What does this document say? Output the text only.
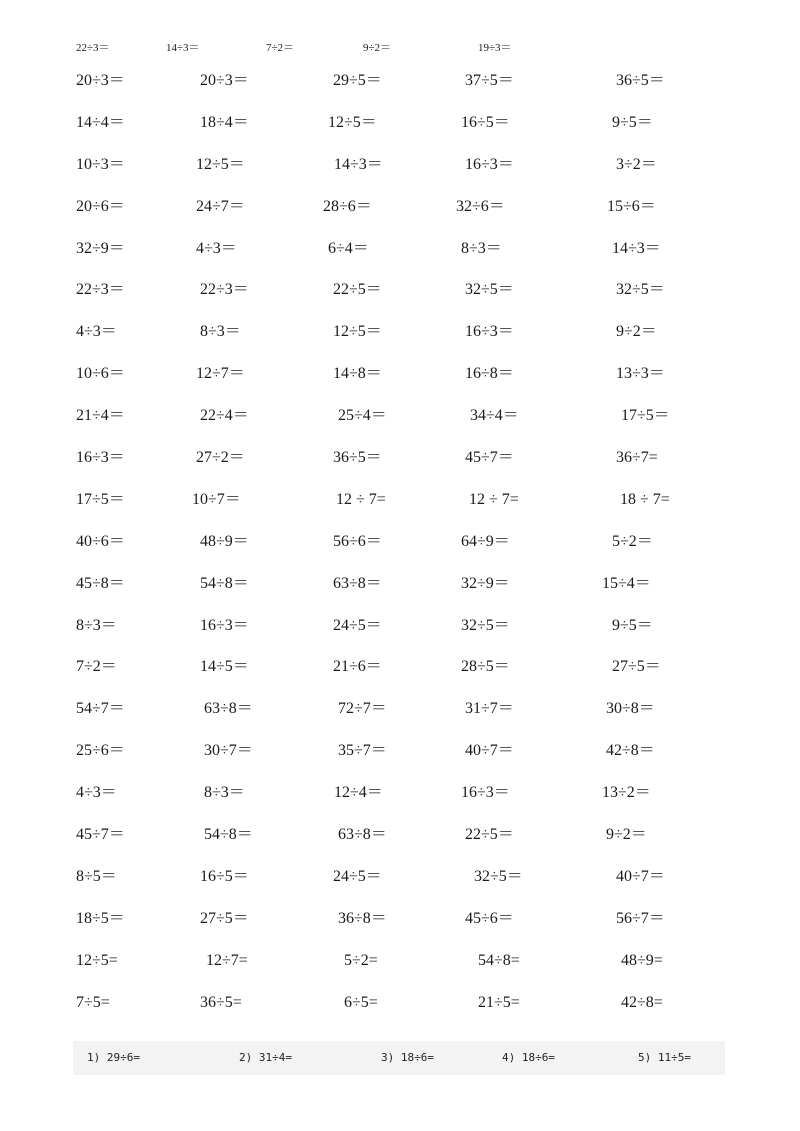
22÷3＝	14÷3＝	7÷2＝	9÷2＝	19÷3＝
20÷3＝	20÷3＝	29÷5＝	37÷5＝	36÷5＝
14÷4＝	18÷4＝	12÷5＝	16÷5＝	9÷5＝
10÷3＝	12÷5＝	14÷3＝	16÷3＝	3÷2＝
20÷6＝	24÷7＝	28÷6＝	32÷6＝	15÷6＝
32÷9＝	4÷3＝	6÷4＝	8÷3＝	14÷3＝
22÷3＝	22÷3＝	22÷5＝	32÷5＝	32÷5＝
4÷3＝	8÷3＝	12÷5＝	16÷3＝	9÷2＝
10÷6＝	12÷7＝	14÷8＝	16÷8＝	13÷3＝
21÷4＝	22÷4＝	25÷4＝	34÷4＝	17÷5＝
16÷3＝	27÷2＝	36÷5＝	45÷7＝	36÷7=
17÷5＝	10÷7＝	12 ÷ 7=	12 ÷ 7=	18 ÷ 7=
40÷6＝	48÷9＝	56÷6＝	64÷9＝	5÷2＝
45÷8＝	54÷8＝	63÷8＝	32÷9＝	15÷4＝
8÷3＝	16÷3＝	24÷5＝	32÷5＝	9÷5＝
7÷2＝	14÷5＝	21÷6＝	28÷5＝	27÷5＝
54÷7＝	63÷8＝	72÷7＝	31÷7＝	30÷8＝
25÷6＝	30÷7＝	35÷7＝	40÷7＝	42÷8＝
4÷3＝	8÷3＝	12÷4＝	16÷3＝	13÷2＝
45÷7＝	54÷8＝	63÷8＝	22÷5＝	9÷2＝
8÷5＝	16÷5＝	24÷5＝	32÷5＝	40÷7＝
18÷5＝	27÷5＝	36÷8＝	45÷6＝	56÷7＝
12÷5=	12÷7=	5÷2=	54÷8=	48÷9=
7÷5=	36÷5=	6÷5=	21÷5=	42÷8=
1) 29÷6=	2) 31÷4=	3) 18÷6=	4) 18÷6=	5) 11÷5=
